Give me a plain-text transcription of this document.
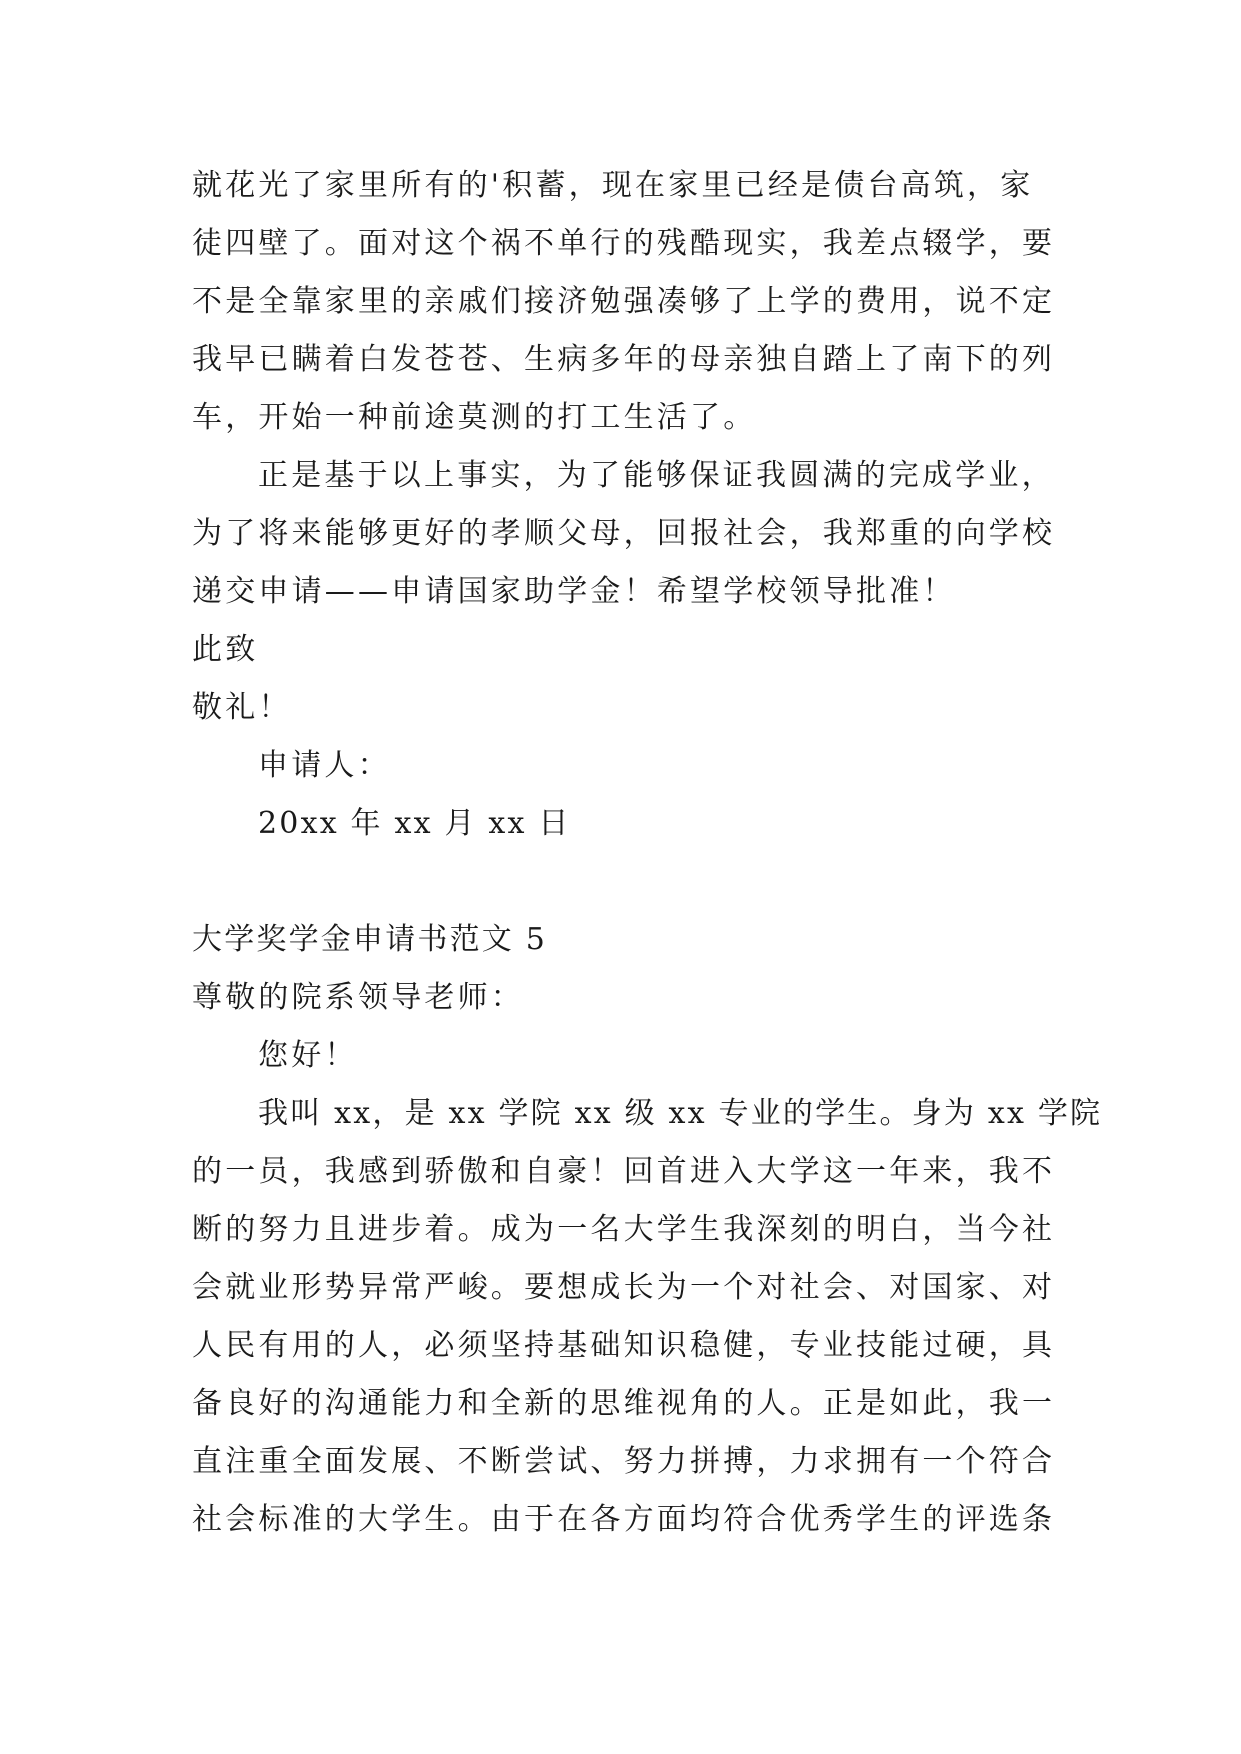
就花光了家里所有的'积蓄，现在家里已经是债台高筑，家
徒四壁了。面对这个祸不单行的残酷现实，我差点辍学，要
不是全靠家里的亲戚们接济勉强凑够了上学的费用，说不定
我早已瞒着白发苍苍、生病多年的母亲独自踏上了南下的列
车，开始一种前途莫测的打工生活了。
正是基于以上事实，为了能够保证我圆满的完成学业，
为了将来能够更好的孝顺父母，回报社会，我郑重的向学校
递交申请——申请国家助学金！希望学校领导批准！
此致
敬礼！
申请人：
20xx 年 xx 月 xx 日
大学奖学金申请书范文 5
尊敬的院系领导老师：
您好！
我叫 xx，是 xx 学院 xx 级 xx 专业的学生。身为 xx 学院
的一员，我感到骄傲和自豪！回首进入大学这一年来，我不
断的努力且进步着。成为一名大学生我深刻的明白，当今社
会就业形势异常严峻。要想成长为一个对社会、对国家、对
人民有用的人，必须坚持基础知识稳健，专业技能过硬，具
备良好的沟通能力和全新的思维视角的人。正是如此，我一
直注重全面发展、不断尝试、努力拼搏，力求拥有一个符合
社会标准的大学生。由于在各方面均符合优秀学生的评选条
